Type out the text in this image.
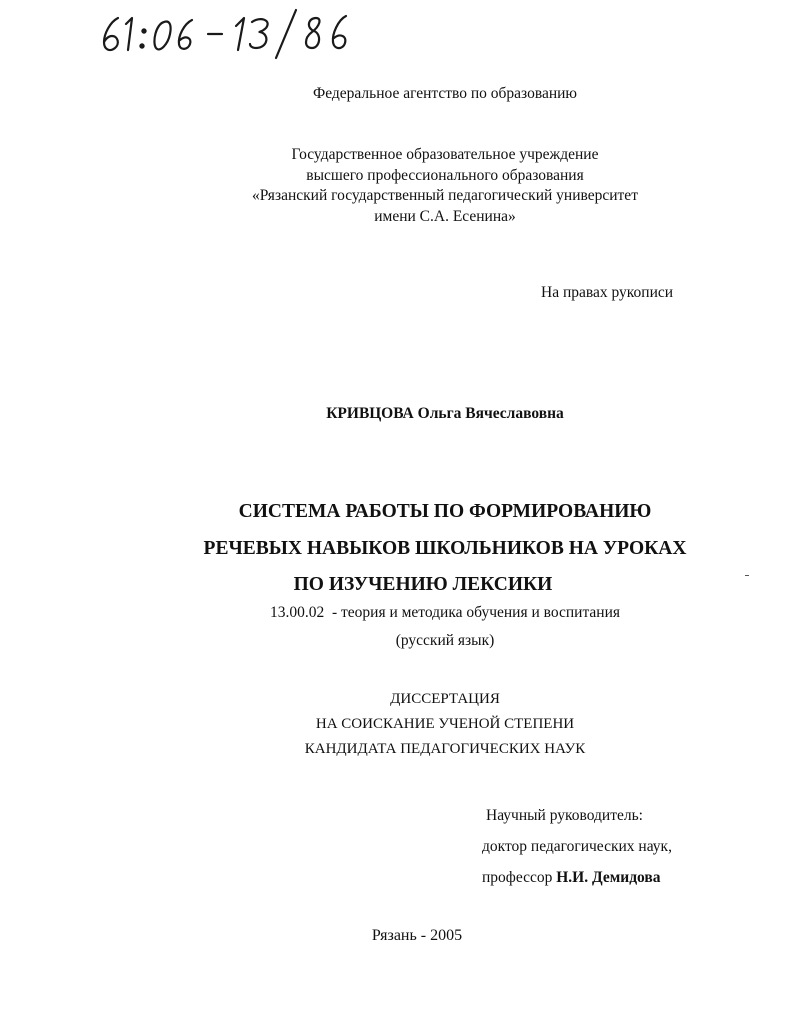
Федеральное агентство по образованию

Государственное образовательное учреждение

высшего профессионального образования

«Рязанский государственный педагогический университет

имени С.А. Есенина»

На правах рукописи

КРИВЦОВА Ольга Вячеславовна

СИСТЕМА РАБОТЫ ПО ФОРМИРОВАНИЮ

РЕЧЕВЫХ НАВЫКОВ ШКОЛЬНИКОВ НА УРОКАХ

ПО ИЗУЧЕНИЮ ЛЕКСИКИ

13.00.02  - теория и методика обучения и воспитания

(русский язык)

ДИССЕРТАЦИЯ

НА СОИСКАНИЕ УЧЕНОЙ СТЕПЕНИ

КАНДИДАТА ПЕДАГОГИЧЕСКИХ НАУК

Научный руководитель:

доктор педагогических наук,

профессор Н.И. Демидова

Рязань - 2005
